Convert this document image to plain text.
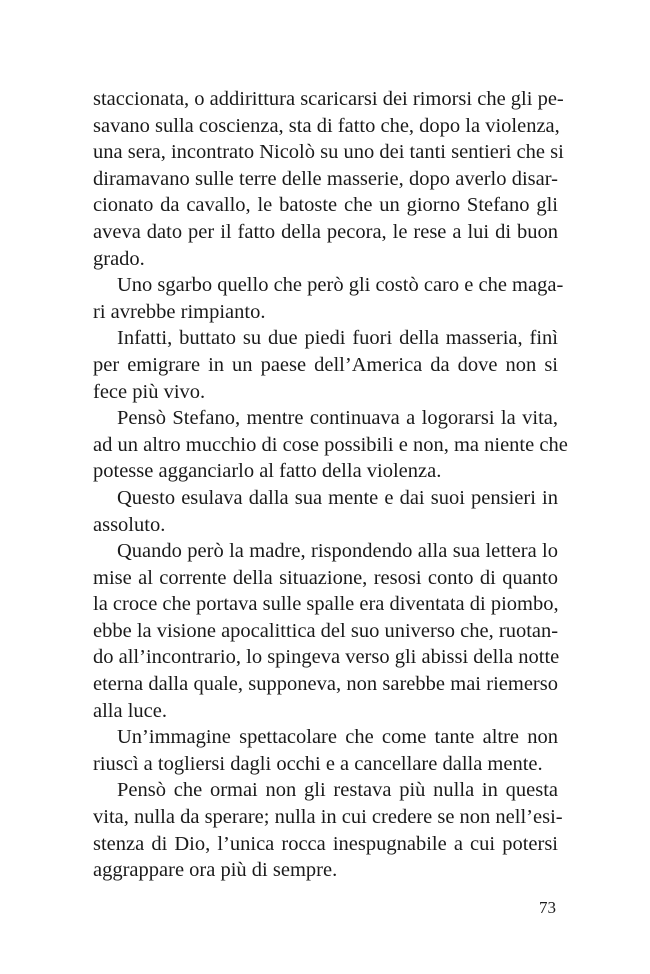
staccionata, o addirittura scaricarsi dei rimorsi che gli pe-
savano sulla coscienza, sta di fatto che, dopo la violenza,
una sera, incontrato Nicolò su uno dei tanti sentieri che si
diramavano sulle terre delle masserie, dopo averlo disar-
cionato da cavallo, le batoste che un giorno Stefano gli
aveva dato per il fatto della pecora, le rese a lui di buon
grado.
Uno sgarbo quello che però gli costò caro e che maga-
ri avrebbe rimpianto.
Infatti, buttato su due piedi fuori della masseria, finì
per emigrare in un paese dell’America da dove non si
fece più vivo.
Pensò Stefano, mentre continuava a logorarsi la vita,
ad un altro mucchio di cose possibili e non, ma niente che
potesse agganciarlo al fatto della violenza.
Questo esulava dalla sua mente e dai suoi pensieri in
assoluto.
Quando però la madre, rispondendo alla sua lettera lo
mise al corrente della situazione, resosi conto di quanto
la croce che portava sulle spalle era diventata di piombo,
ebbe la visione apocalittica del suo universo che, ruotan-
do all’incontrario, lo spingeva verso gli abissi della notte
eterna dalla quale, supponeva, non sarebbe mai riemerso
alla luce.
Un’immagine spettacolare che come tante altre non
riuscì a togliersi dagli occhi e a cancellare dalla mente.
Pensò che ormai non gli restava più nulla in questa
vita, nulla da sperare; nulla in cui credere se non nell’esi-
stenza di Dio, l’unica rocca inespugnabile a cui potersi
aggrappare ora più di sempre.
73
